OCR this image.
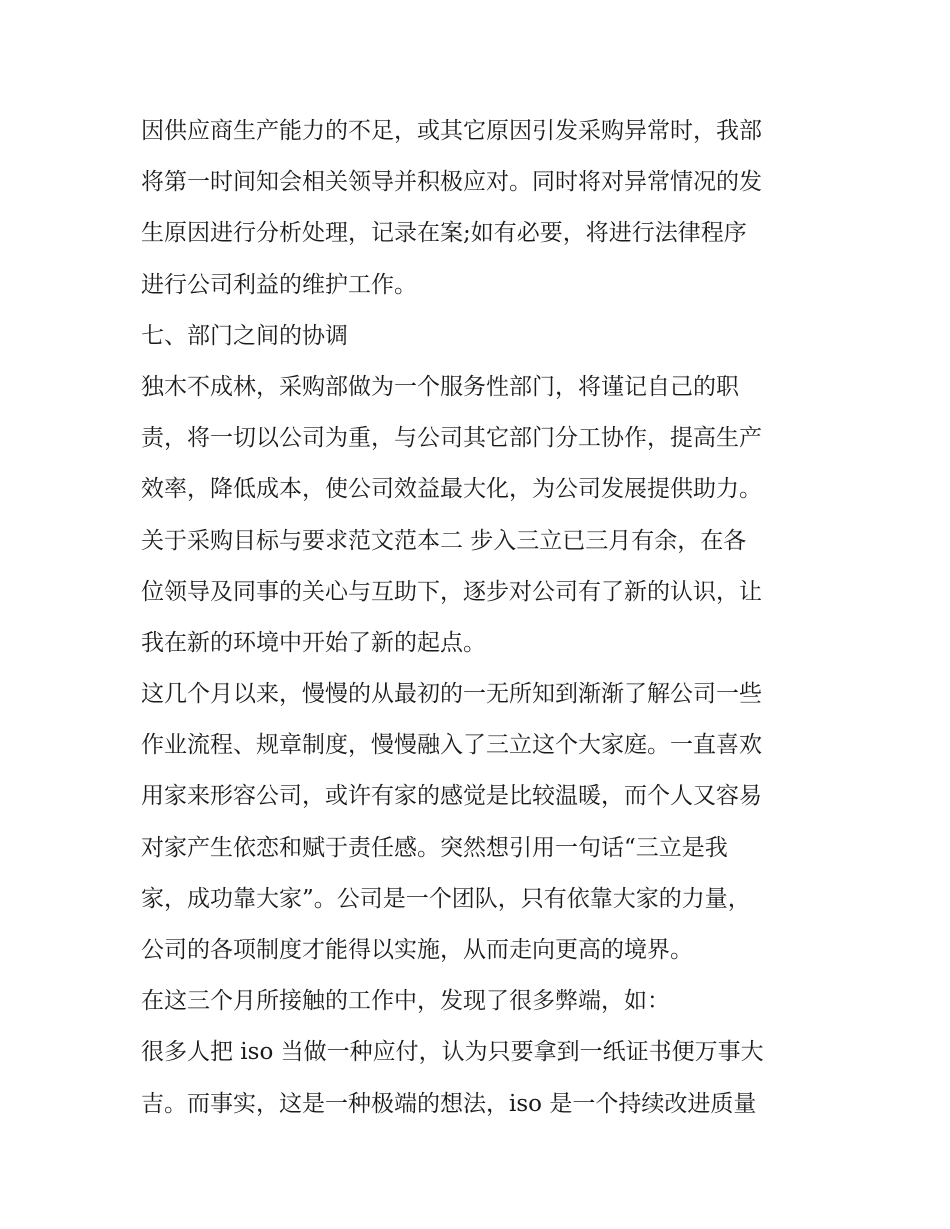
因供应商生产能力的不足，或其它原因引发采购异常时，我部
将第一时间知会相关领导并积极应对。同时将对异常情况的发
生原因进行分析处理，记录在案;如有必要，将进行法律程序
进行公司利益的维护工作。
七、部门之间的协调
独木不成林，采购部做为一个服务性部门，将谨记自己的职
责，将一切以公司为重，与公司其它部门分工协作，提高生产
效率，降低成本，使公司效益最大化，为公司发展提供助力。
关于采购目标与要求范文范本二 步入三立已三月有余，在各
位领导及同事的关心与互助下，逐步对公司有了新的认识，让
我在新的环境中开始了新的起点。
这几个月以来，慢慢的从最初的一无所知到渐渐了解公司一些
作业流程、规章制度，慢慢融入了三立这个大家庭。一直喜欢
用家来形容公司，或许有家的感觉是比较温暖，而个人又容易
对家产生依恋和赋于责任感。突然想引用一句话“三立是我
家，成功靠大家”。公司是一个团队，只有依靠大家的力量，
公司的各项制度才能得以实施，从而走向更高的境界。
在这三个月所接触的工作中，发现了很多弊端，如：
很多人把 iso 当做一种应付，认为只要拿到一纸证书便万事大
吉。而事实，这是一种极端的想法，iso 是一个持续改进质量
